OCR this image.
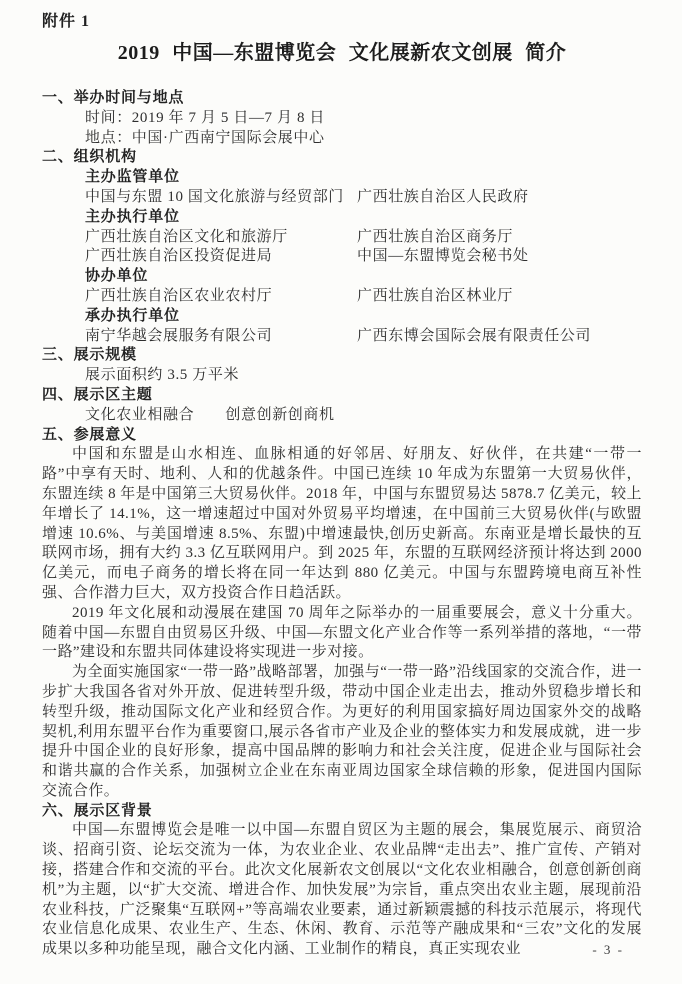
附件 1
2019 中国—东盟博览会 文化展新农文创展 简介
一、举办时间与地点
时间：2019 年 7 月 5 日—7 月 8 日
地点：中国·广西南宁国际会展中心
二、组织机构
主办监管单位
中国与东盟 10 国文化旅游与经贸部门 广西壮族自治区人民政府
主办执行单位
广西壮族自治区文化和旅游厅	广西壮族自治区商务厅
广西壮族自治区投资促进局	中国—东盟博览会秘书处
协办单位
广西壮族自治区农业农村厅	广西壮族自治区林业厅
承办执行单位
南宁华越会展服务有限公司	广西东博会国际会展有限责任公司
三、展示规模
展示面积约 3.5 万平米
四、展示区主题
文化农业相融合　　创意创新创商机
五、参展意义

中国和东盟是山水相连、血脉相通的好邻居、好朋友、好伙伴，在共建“一带一路”中享有天时、地利、人和的优越条件。中国已连续 10 年成为东盟第一大贸易伙伴，东盟连续 8 年是中国第三大贸易伙伴。2018 年，中国与东盟贸易达 5878.7 亿美元，较上年增长了 14.1%，这一增速超过中国对外贸易平均增速，在中国前三大贸易伙伴(与欧盟增速 10.6%、与美国增速 8.5%、东盟)中增速最快,创历史新高。东南亚是增长最快的互联网市场，拥有大约 3.3 亿互联网用户。到 2025 年，东盟的互联网经济预计将达到 2000 亿美元，而电子商务的增长将在同一年达到 880 亿美元。中国与东盟跨境电商互补性强、合作潜力巨大，双方投资合作日趋活跃。

2019 年文化展和动漫展在建国 70 周年之际举办的一届重要展会，意义十分重大。随着中国—东盟自由贸易区升级、中国—东盟文化产业合作等一系列举措的落地，“一带一路”建设和东盟共同体建设将实现进一步对接。

为全面实施国家“一带一路”战略部署，加强与“一带一路”沿线国家的交流合作，进一步扩大我国各省对外开放、促进转型升级，带动中国企业走出去，推动外贸稳步增长和转型升级，推动国际文化产业和经贸合作。为更好的利用国家搞好周边国家外交的战略契机,利用东盟平台作为重要窗口,展示各省市产业及企业的整体实力和发展成就，进一步提升中国企业的良好形象，提高中国品牌的影响力和社会关注度，促进企业与国际社会和谐共赢的合作关系，加强树立企业在东南亚周边国家全球信赖的形象，促进国内国际交流合作。

六、展示区背景

中国—东盟博览会是唯一以中国—东盟自贸区为主题的展会，集展览展示、商贸洽谈、招商引资、论坛交流为一体，为农业企业、农业品牌“走出去”、推广宣传、产销对接，搭建合作和交流的平台。此次文化展新农文创展以“文化农业相融合，创意创新创商机”为主题，以“扩大交流、增进合作、加快发展”为宗旨，重点突出农业主题，展现前沿农业科技，广泛聚集“互联网+”等高端农业要素，通过新颖震撼的科技示范展示，将现代农业信息化成果、农业生产、生态、休闲、教育、示范等产融成果和“三农”文化的发展成果以多种功能呈现，融合文化内涵、工业制作的精良，真正实现农业	- 3 -
